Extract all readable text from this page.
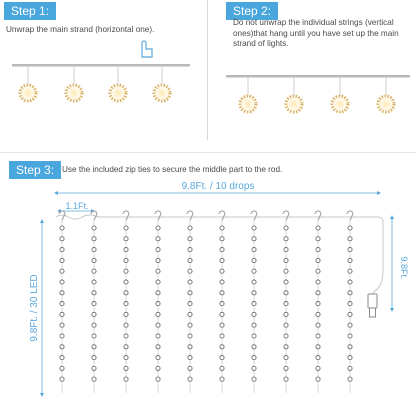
Step 1:
Unwrap the main strand (horizontal one).
Step 2:
Do not unwrap the individual strings (vertical ones)that hang until you have set up the main strand of lights.
Step 3: Use the included zip ties to secure the middle part to the rod.
9.8Ft. / 10 drops
1.1Ft.
9.8Ft. / 30 LED
9.8Ft.
